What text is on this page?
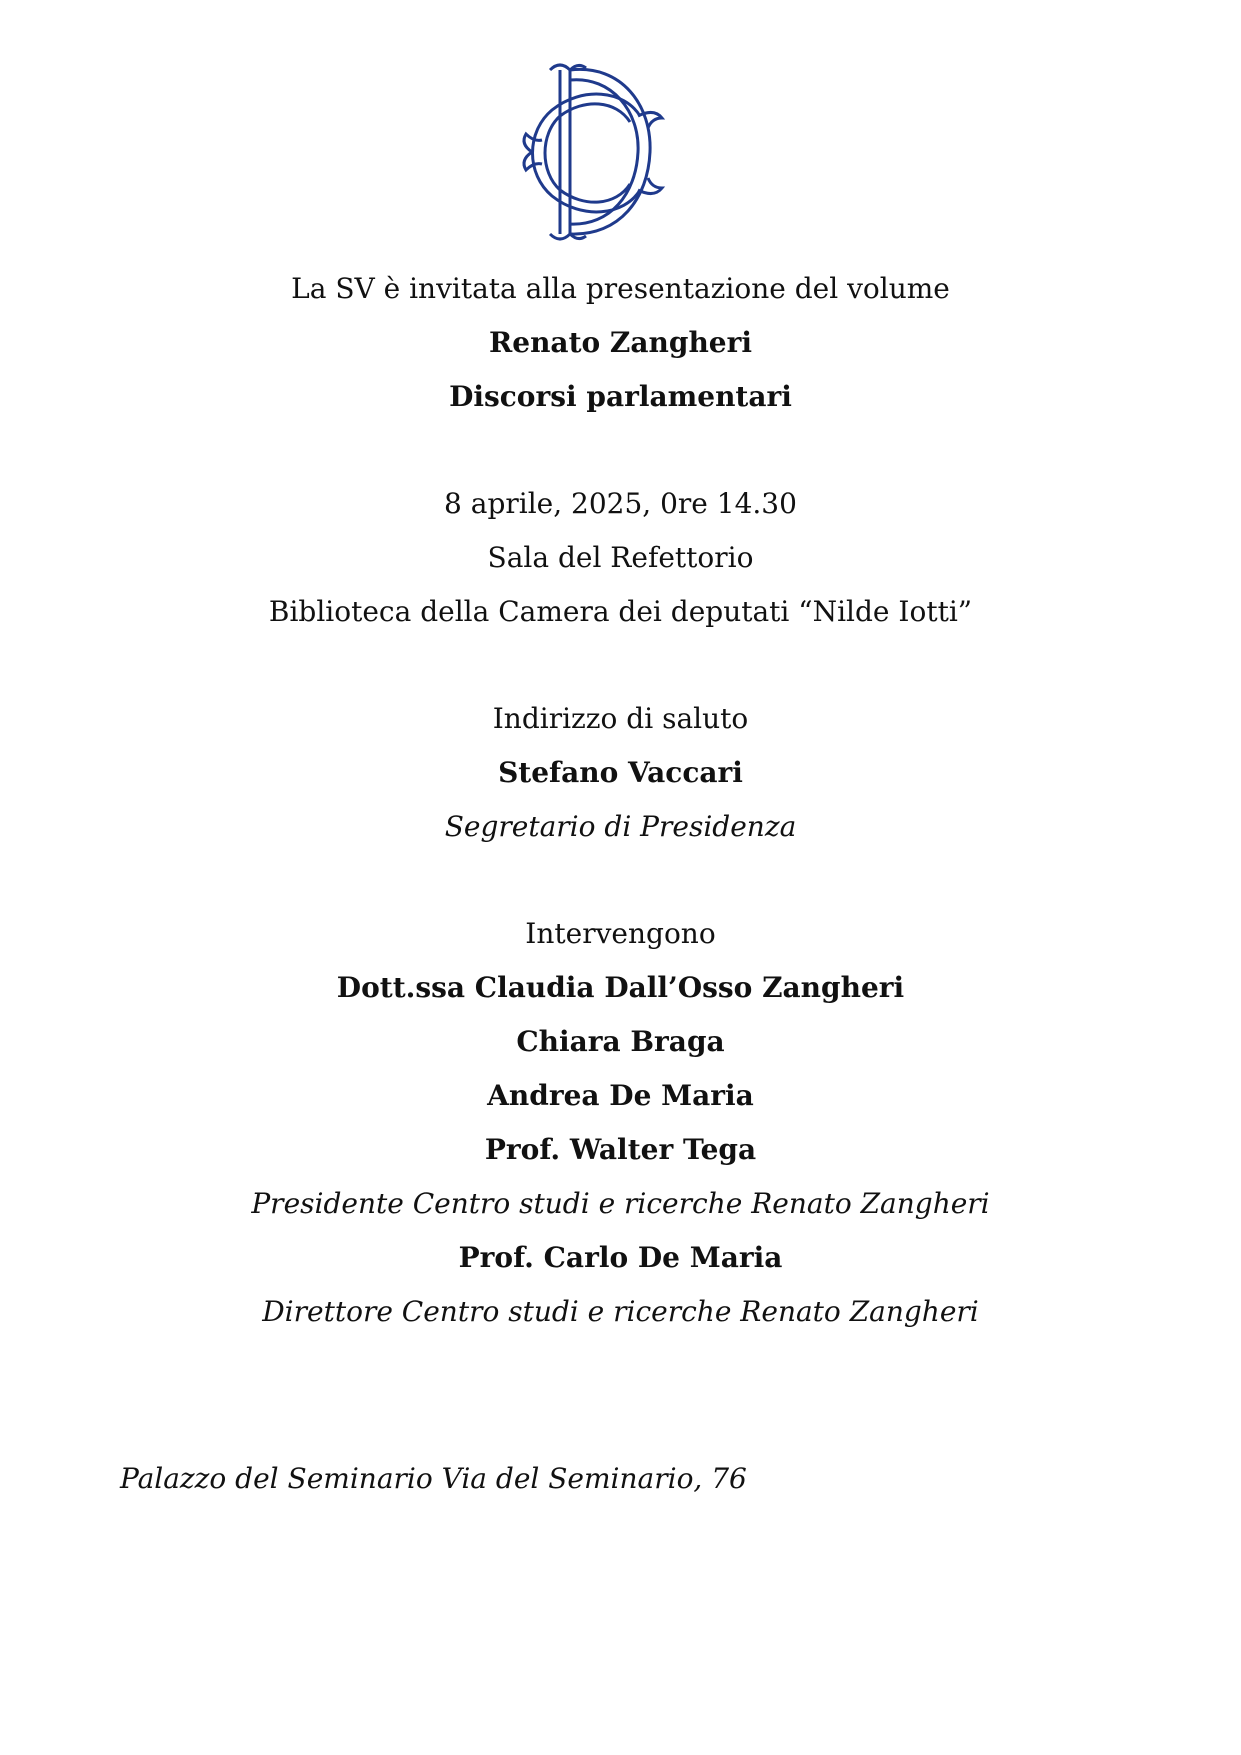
La SV è invitata alla presentazione del volume
Renato Zangheri
Discorsi parlamentari
8 aprile, 2025, 0re 14.30
Sala del Refettorio
Biblioteca della Camera dei deputati “Nilde Iotti”
Indirizzo di saluto
Stefano Vaccari
Segretario di Presidenza
Intervengono
Dott.ssa Claudia Dall’Osso Zangheri
Chiara Braga
Andrea De Maria
Prof. Walter Tega
Presidente Centro studi e ricerche Renato Zangheri
Prof. Carlo De Maria
Direttore Centro studi e ricerche Renato Zangheri
Palazzo del Seminario Via del Seminario, 76
